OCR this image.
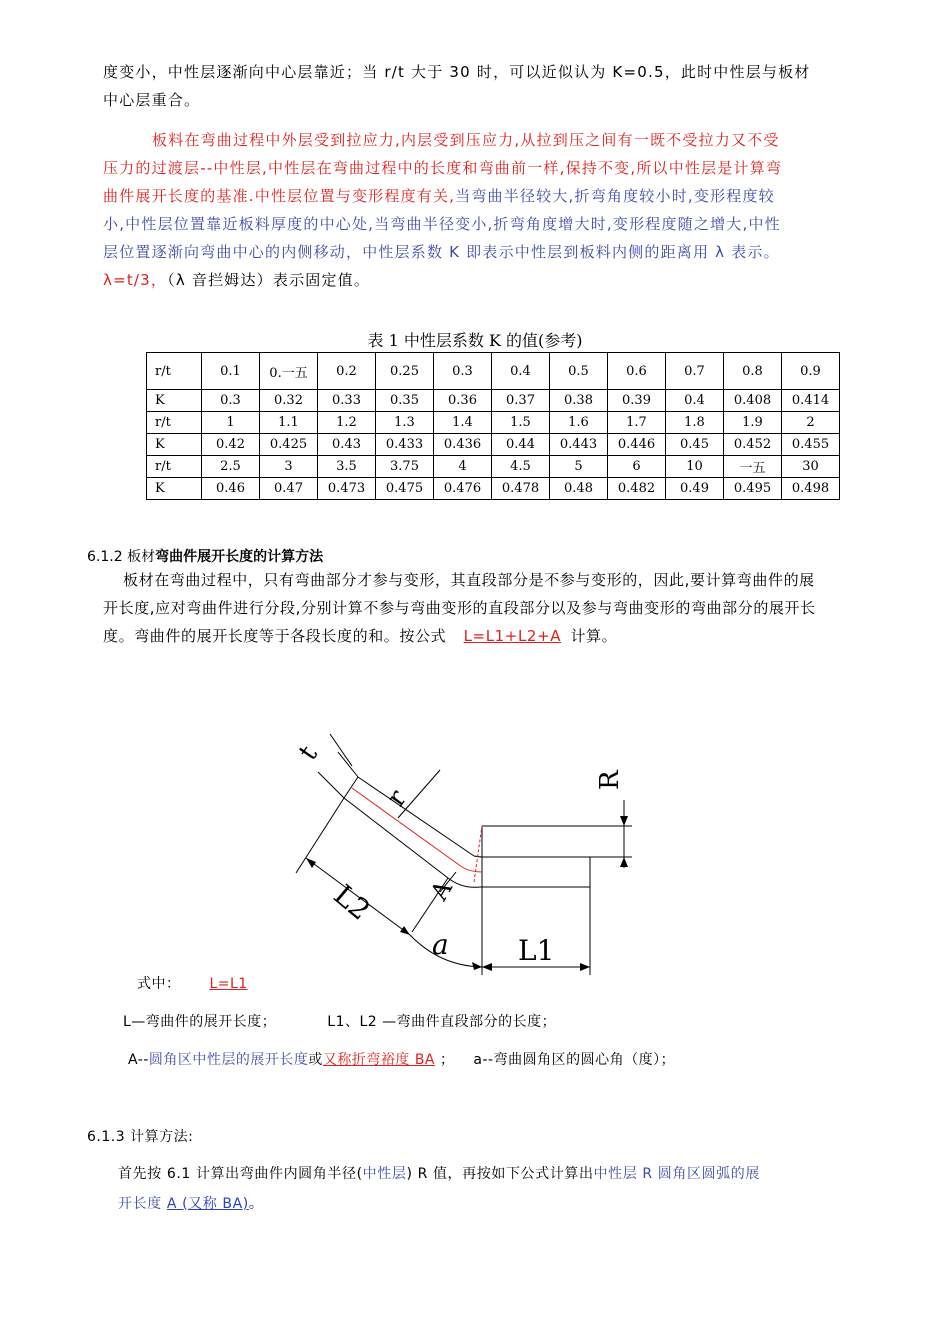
度变小，中性层逐渐向中心层靠近；当 r/t 大于 30 时，可以近似认为 K=0.5，此时中性层与板材
中心层重合。
板料在弯曲过程中外层受到拉应力,内层受到压应力,从拉到压之间有一既不受拉力又不受
压力的过渡层--中性层,中性层在弯曲过程中的长度和弯曲前一样,保持不变,所以中性层是计算弯
曲件展开长度的基准.中性层位置与变形程度有关,当弯曲半径较大,折弯角度较小时,变形程度较
小,中性层位置靠近板料厚度的中心处,当弯曲半径变小,折弯角度增大时,变形程度随之增大,中性
层位置逐渐向弯曲中心的内侧移动，中性层系数 K 即表示中性层到板料内侧的距离用 λ 表示。
λ=t/3，（λ 音拦姆达）表示固定值。
表 1 中性层系数 K 的值(参考)
r/t	0.1	0.一五	0.2	0.25	0.3	0.4	0.5	0.6	0.7	0.8	0.9
K	0.3	0.32	0.33	0.35	0.36	0.37	0.38	0.39	0.4	0.408	0.414
r/t	1	1.1	1.2	1.3	1.4	1.5	1.6	1.7	1.8	1.9	2
K	0.42	0.425	0.43	0.433	0.436	0.44	0.443	0.446	0.45	0.452	0.455
r/t	2.5	3	3.5	3.75	4	4.5	5	6	10	一五	30
K	0.46	0.47	0.473	0.475	0.476	0.478	0.48	0.482	0.49	0.495	0.498
6.1.2 板材弯曲件展开长度的计算方法
板材在弯曲过程中，只有弯曲部分才参与变形，其直段部分是不参与变形的，因此,要计算弯曲件的展
开长度,应对弯曲件进行分段,分别计算不参与弯曲变形的直段部分以及参与弯曲变形的弯曲部分的展开长
度。弯曲件的展开长度等于各段长度的和。按公式 L=L1+L2+A 计算。
t
r
R
L2 A
a L1
式中： L=L1
L—弯曲件的展开长度；	L1、L2 —弯曲件直段部分的长度；
A--圆角区中性层的展开长度或又称折弯裕度 BA ； a--弯曲圆角区的圆心角（度）；
6.1.3 计算方法:
首先按 6.1 计算出弯曲件内圆角半径(中性层) R 值，再按如下公式计算出中性层 R 圆角区圆弧的展
开长度 A (又称 BA)。
